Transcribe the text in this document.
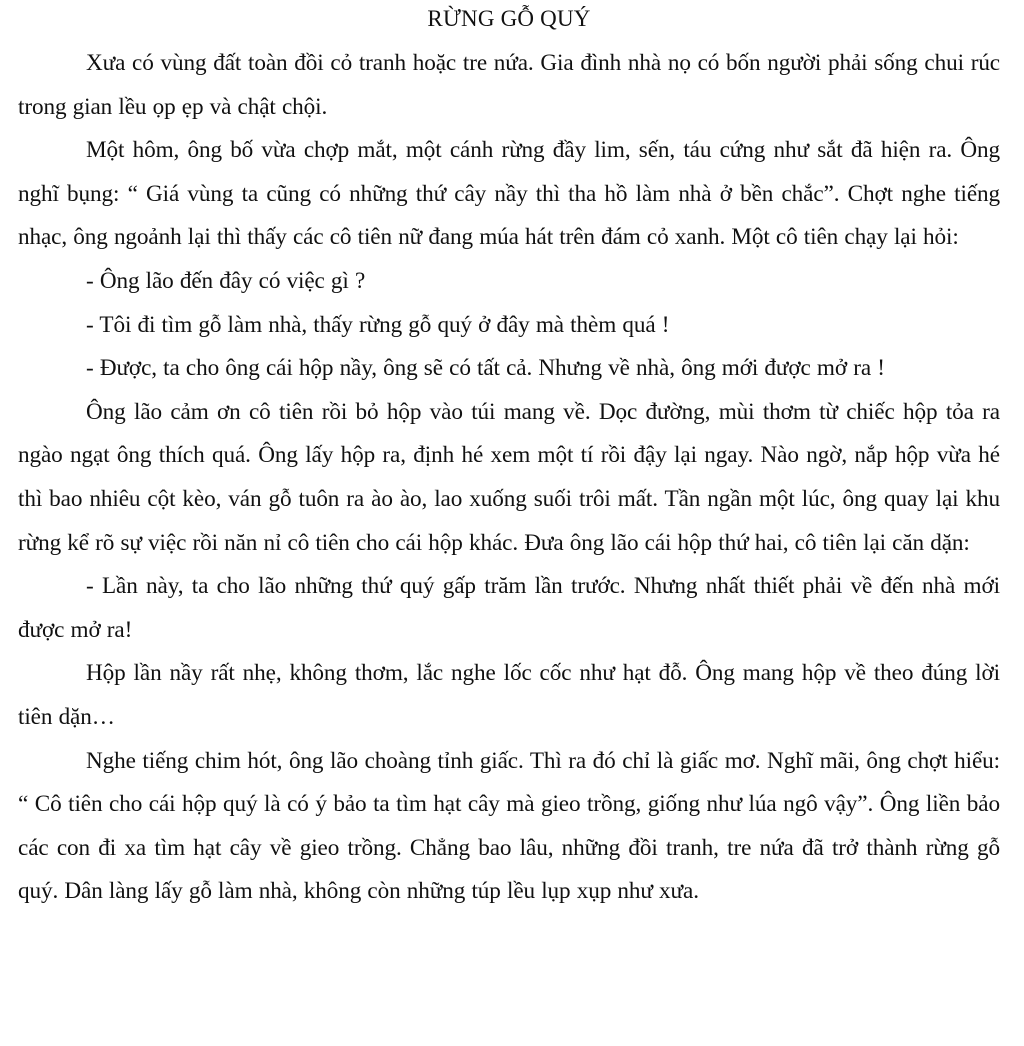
RỪNG GỖ QUÝ

Xưa có vùng đất toàn đồi cỏ tranh hoặc tre nứa. Gia đình nhà nọ có bốn người phải sống chui rúc trong gian lều ọp ẹp và chật chội.

Một hôm, ông bố vừa chợp mắt, một cánh rừng đầy lim, sến, táu cứng như sắt đã hiện ra. Ông nghĩ bụng: “ Giá vùng ta cũng có những thứ cây nầy thì tha hồ làm nhà ở bền chắc”. Chợt nghe tiếng nhạc, ông ngoảnh lại thì thấy các cô tiên nữ đang múa hát trên đám cỏ xanh. Một cô tiên chạy lại hỏi:

- Ông lão đến đây có việc gì ?

- Tôi đi tìm gỗ làm nhà, thấy rừng gỗ quý ở đây mà thèm quá !

- Được, ta cho ông cái hộp nầy, ông sẽ có tất cả. Nhưng về nhà, ông mới được mở ra !

Ông lão cảm ơn cô tiên rồi bỏ hộp vào túi mang về. Dọc đường, mùi thơm từ chiếc hộp tỏa ra ngào ngạt ông thích quá. Ông lấy hộp ra, định hé xem một tí rồi đậy lại ngay. Nào ngờ, nắp hộp vừa hé thì bao nhiêu cột kèo, ván gỗ tuôn ra ào ào, lao xuống suối trôi mất. Tần ngần một lúc, ông quay lại khu rừng kể rõ sự việc rồi năn nỉ cô tiên cho cái hộp khác. Đưa ông lão cái hộp thứ hai, cô tiên lại căn dặn:

- Lần này, ta cho lão những thứ quý gấp trăm lần trước. Nhưng nhất thiết phải về đến nhà mới được mở ra!

Hộp lần nầy rất nhẹ, không thơm, lắc nghe lốc cốc như hạt đỗ. Ông mang hộp về theo đúng lời tiên dặn…

Nghe tiếng chim hót, ông lão choàng tỉnh giấc. Thì ra đó chỉ là giấc mơ. Nghĩ mãi, ông chợt hiểu: “ Cô tiên cho cái hộp quý là có ý bảo ta tìm hạt cây mà gieo trồng, giống như lúa ngô vậy”. Ông liền bảo các con đi xa tìm hạt cây về gieo trồng. Chẳng bao lâu, những đồi tranh, tre nứa đã trở thành rừng gỗ quý. Dân làng lấy gỗ làm nhà, không còn những túp lều lụp xụp như xưa.
